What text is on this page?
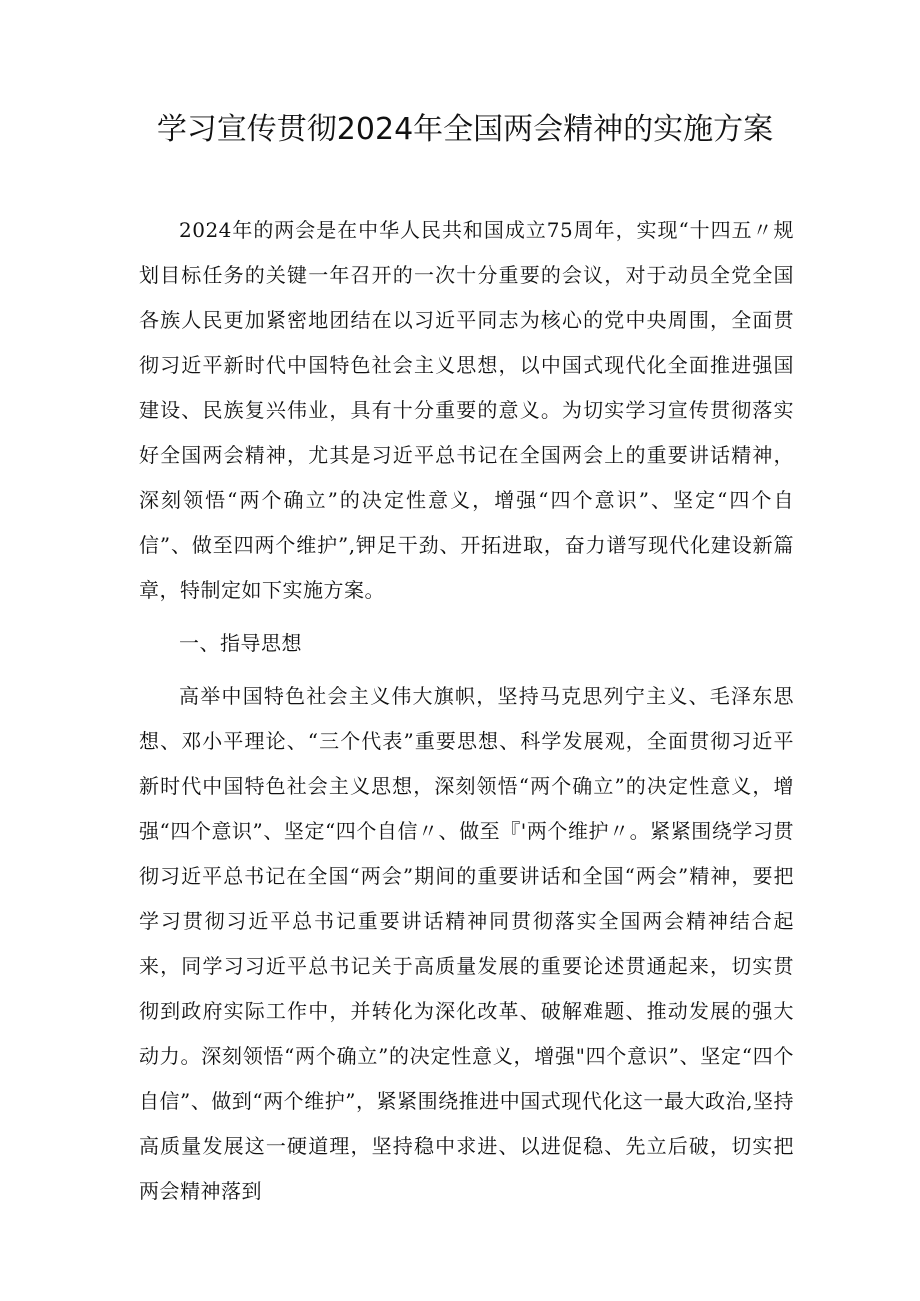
学习宣传贯彻2024年全国两会精神的实施方案

2024年的两会是在中华人民共和国成立75周年，实现“十四五〃规划目标任务的关键一年召开的一次十分重要的会议，对于动员全党全国各族人民更加紧密地团结在以习近平同志为核心的党中央周围，全面贯彻习近平新时代中国特色社会主义思想，以中国式现代化全面推进强国建设、民族复兴伟业，具有十分重要的意义。为切实学习宣传贯彻落实好全国两会精神，尤其是习近平总书记在全国两会上的重要讲话精神，深刻领悟“两个确立”的决定性意义，增强“四个意识”、坚定“四个自信”、做至四两个维护”,钾足干劲、开拓进取，奋力谱写现代化建设新篇章，特制定如下实施方案。

一、指导思想

高举中国特色社会主义伟大旗帜，坚持马克思列宁主义、毛泽东思想、邓小平理论、“三个代表”重要思想、科学发展观，全面贯彻习近平新时代中国特色社会主义思想，深刻领悟“两个确立”的决定性意义，增强“四个意识”、坚定“四个自信〃、做至『'两个维护〃。紧紧围绕学习贯彻习近平总书记在全国“两会”期间的重要讲话和全国“两会”精神，要把学习贯彻习近平总书记重要讲话精神同贯彻落实全国两会精神结合起来，同学习习近平总书记关于高质量发展的重要论述贯通起来，切实贯彻到政府实际工作中，并转化为深化改革、破解难题、推动发展的强大动力。深刻领悟“两个确立”的决定性意义，增强"四个意识”、坚定“四个自信”、做到“两个维护”，紧紧围绕推进中国式现代化这一最大政治,坚持高质量发展这一硬道理，坚持稳中求进、以进促稳、先立后破，切实把两会精神落到
